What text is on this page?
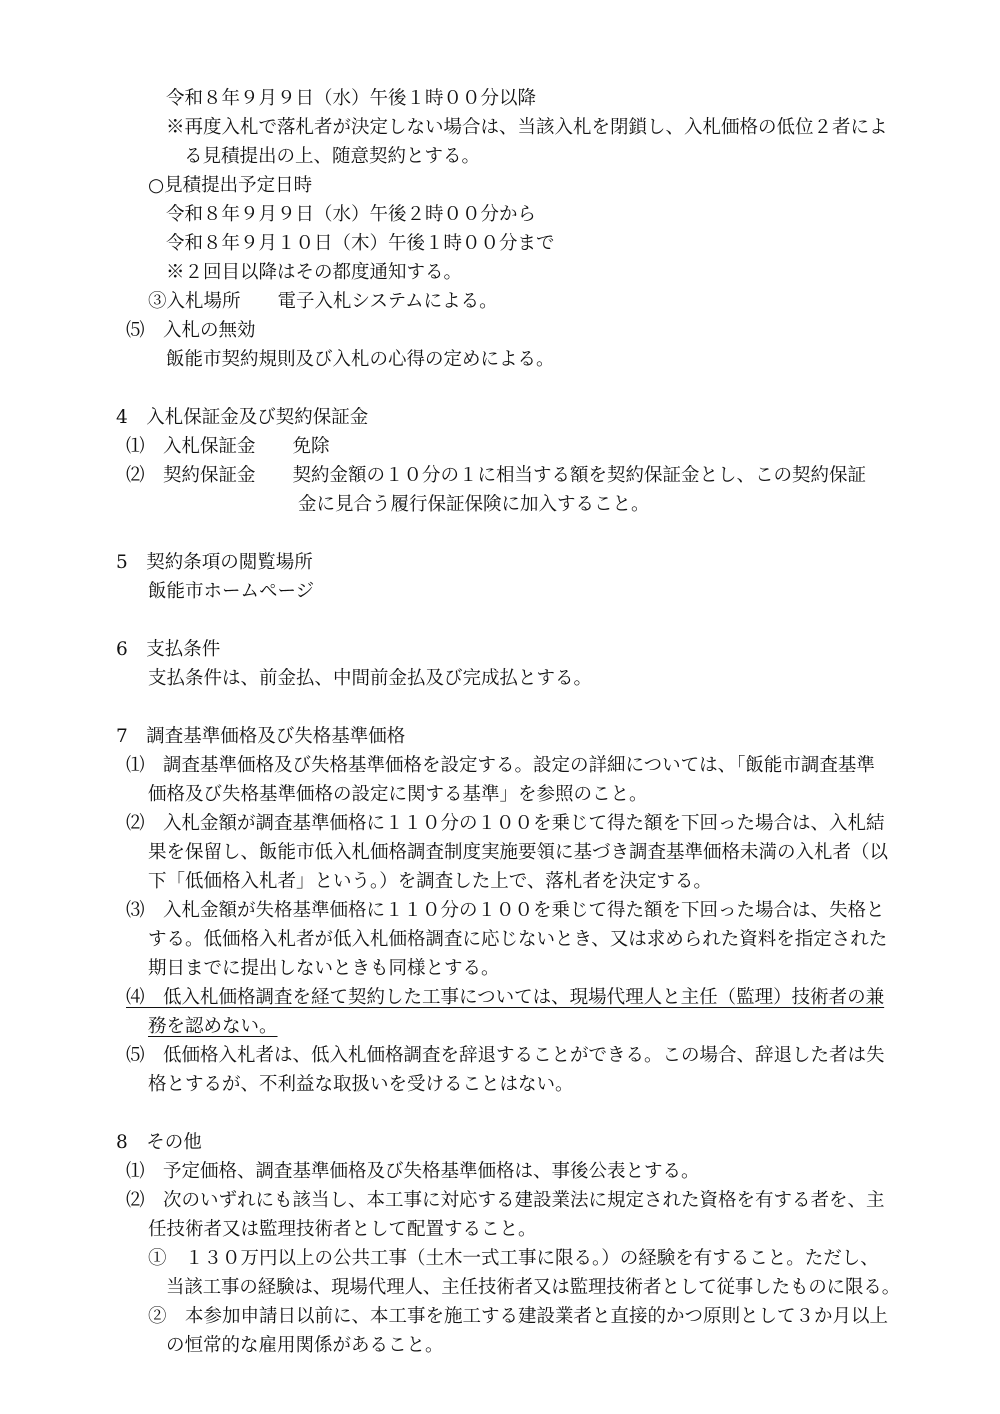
令和８年９月９日（水）午後１時００分以降
※再度入札で落札者が決定しない場合は、当該入札を閉鎖し、入札価格の低位２者によ
る見積提出の上、随意契約とする。
○見積提出予定日時
令和８年９月９日（水）午後２時００分から
令和８年９月１０日（木）午後１時００分まで
※２回目以降はその都度通知する。
③入札場所　　電子入札システムによる。
⑸　入札の無効
飯能市契約規則及び入札の心得の定めによる。
4　入札保証金及び契約保証金
⑴　入札保証金　　免除
⑵　契約保証金　　契約金額の１０分の１に相当する額を契約保証金とし、この契約保証
金に見合う履行保証保険に加入すること。
5　契約条項の閲覧場所
飯能市ホームページ
6　支払条件
支払条件は、前金払、中間前金払及び完成払とする。
7　調査基準価格及び失格基準価格
⑴　調査基準価格及び失格基準価格を設定する。設定の詳細については、「飯能市調査基準
価格及び失格基準価格の設定に関する基準」を参照のこと。
⑵　入札金額が調査基準価格に１１０分の１００を乗じて得た額を下回った場合は、入札結
果を保留し、飯能市低入札価格調査制度実施要領に基づき調査基準価格未満の入札者（以
下「低価格入札者」という。）を調査した上で、落札者を決定する。
⑶　入札金額が失格基準価格に１１０分の１００を乗じて得た額を下回った場合は、失格と
する。低価格入札者が低入札価格調査に応じないとき、又は求められた資料を指定された
期日までに提出しないときも同様とする。
⑷　低入札価格調査を経て契約した工事については、現場代理人と主任（監理）技術者の兼
務を認めない。
⑸　低価格入札者は、低入札価格調査を辞退することができる。この場合、辞退した者は失
格とするが、不利益な取扱いを受けることはない。
8　その他
⑴　予定価格、調査基準価格及び失格基準価格は、事後公表とする。
⑵　次のいずれにも該当し、本工事に対応する建設業法に規定された資格を有する者を、主
任技術者又は監理技術者として配置すること。
①　１３０万円以上の公共工事（土木一式工事に限る。）の経験を有すること。ただし、
当該工事の経験は、現場代理人、主任技術者又は監理技術者として従事したものに限る。
②　本参加申請日以前に、本工事を施工する建設業者と直接的かつ原則として３か月以上
の恒常的な雇用関係があること。
